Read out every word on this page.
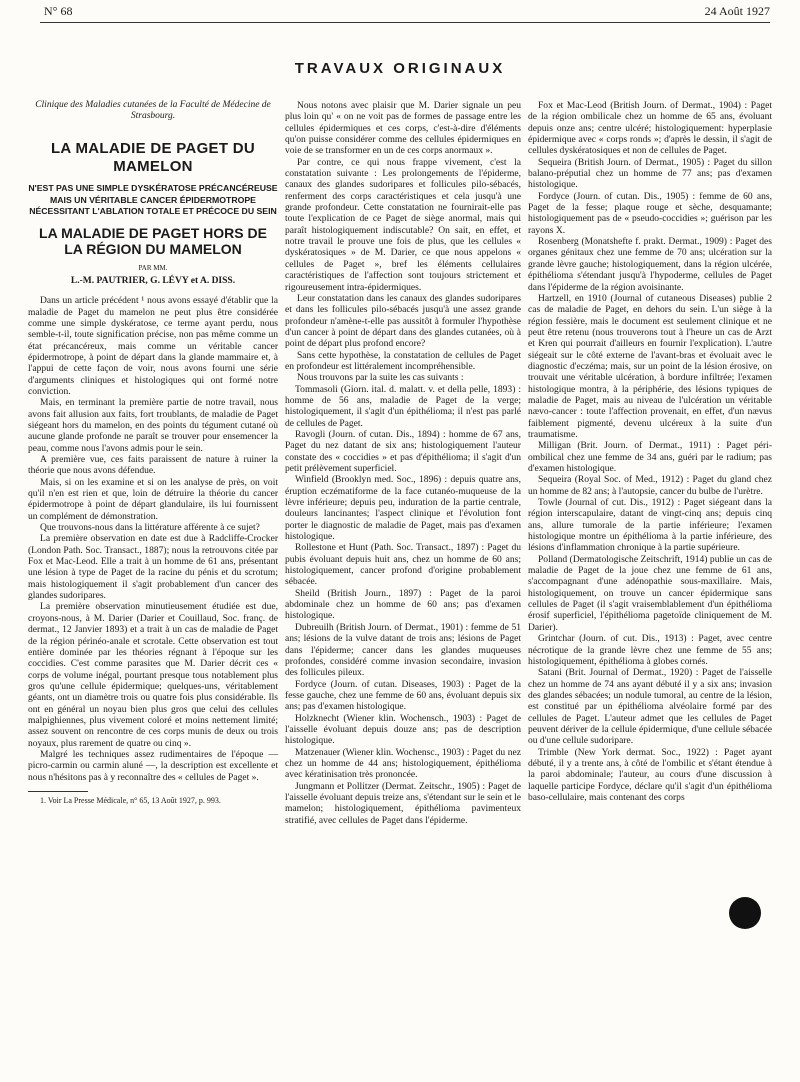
N° 68	24 Août 1927
TRAVAUX ORIGINAUX

Clinique des Maladies cutanées de la Faculté de Médecine de Strasbourg.

LA MALADIE DE PAGET DU MAMELON
N'EST PAS UNE SIMPLE DYSKÉRATOSE PRÉCANCÉREUSE MAIS UN VÉRITABLE CANCER ÉPIDERMOTROPE NÉCESSITANT L'ABLATION TOTALE ET PRÉCOCE DU SEIN
LA MALADIE DE PAGET HORS DE LA RÉGION DU MAMELON
PAR MM.
L.-M. PAUTRIER, G. LÉVY et A. DISS.

Dans un article précédent ¹ nous avons essayé d'établir que la maladie de Paget du mamelon ne peut plus être considérée comme une simple dyskératose, ce terme ayant perdu, nous semble-t-il, toute signification précise, non pas même comme un état précancéreux, mais comme un véritable cancer épidermotrope, à point de départ dans la glande mammaire et, à l'appui de cette façon de voir, nous avons fourni une série d'arguments cliniques et histologiques qui ont formé notre conviction.

Mais, en terminant la première partie de notre travail, nous avons fait allusion aux faits, fort troublants, de maladie de Paget siégeant hors du mamelon, en des points du tégument cutané où aucune glande profonde ne paraît se trouver pour ensemencer la peau, comme nous l'avons admis pour le sein.

A première vue, ces faits paraissent de nature à ruiner la théorie que nous avons défendue.

Mais, si on les examine et si on les analyse de près, on voit qu'il n'en est rien et que, loin de détruire la théorie du cancer épidermotrope à point de départ glandulaire, ils lui fournissent un complément de démonstration.

Que trouvons-nous dans la littérature afférente à ce sujet?

La première observation en date est due à Radcliffe-Crocker (London Path. Soc. Transact., 1887); nous la retrouvons citée par Fox et Mac-Leod. Elle a trait à un homme de 61 ans, présentant une lésion à type de Paget de la racine du pénis et du scrotum; mais histologiquement il s'agit probablement d'un cancer des glandes sudoripares.

La première observation minutieusement étudiée est due, croyons-nous, à M. Darier (Darier et Couillaud, Soc. franç. de dermat., 12 Janvier 1893) et a trait à un cas de maladie de Paget de la région périnéo-anale et scrotale. Cette observation est tout entière dominée par les théories régnant à l'époque sur les coccidies. C'est comme parasites que M. Darier décrit ces « corps de volume inégal, pourtant presque tous notablement plus gros qu'une cellule épidermique; quelques-uns, véritablement géants, ont un diamètre trois ou quatre fois plus considérable. Ils ont en général un noyau bien plus gros que celui des cellules malpighiennes, plus vivement coloré et moins nettement limité; assez souvent on rencontre de ces corps munis de deux ou trois noyaux, plus rarement de quatre ou cinq ».

Malgré les techniques assez rudimentaires de l'époque — picro-carmin ou carmin aluné —, la description est excellente et nous n'hésitons pas à y reconnaître des « cellules de Paget ».

1. Voir La Presse Médicale, n° 65, 13 Août 1927, p. 993.

Nous notons avec plaisir que M. Darier signale un peu plus loin qu' « on ne voit pas de formes de passage entre les cellules épidermiques et ces corps, c'est-à-dire d'éléments qu'on puisse considérer comme des cellules épidermiques en voie de se transformer en un de ces corps anormaux ».

Par contre, ce qui nous frappe vivement, c'est la constatation suivante : Les prolongements de l'épiderme, canaux des glandes sudoripares et follicules pilo-sébacés, renferment des corps caractéristiques et cela jusqu'à une grande profondeur. Cette constatation ne fournirait-elle pas toute l'explication de ce Paget de siège anormal, mais qui paraît histologiquement indiscutable? On sait, en effet, et notre travail le prouve une fois de plus, que les cellules « dyskératosiques » de M. Darier, ce que nous appelons « cellules de Paget », bref les éléments cellulaires caractéristiques de l'affection sont toujours strictement et rigoureusement intra-épidermiques.

Leur constatation dans les canaux des glandes sudoripares et dans les follicules pilo-sébacés jusqu'à une assez grande profondeur n'amène-t-elle pas aussitôt à formuler l'hypothèse d'un cancer à point de départ dans des glandes cutanées, où à point de départ plus profond encore?

Sans cette hypothèse, la constatation de cellules de Paget en profondeur est littéralement incompréhensible.

Nous trouvons par la suite les cas suivants :

Tommasoli (Giorn. ital. d. malatt. v. et della pelle, 1893) : homme de 56 ans, maladie de Paget de la verge; histologiquement, il s'agit d'un épithélioma; il n'est pas parlé de cellules de Paget.

Ravogli (Journ. of cutan. Dis., 1894) : homme de 67 ans, Paget du nez datant de six ans; histologiquement l'auteur constate des « coccidies » et pas d'épithélioma; il s'agit d'un petit prélèvement superficiel.

Winfield (Brooklyn med. Soc., 1896) : depuis quatre ans, éruption eczématiforme de la face cutanéo-muqueuse de la lèvre inférieure; depuis peu, induration de la partie centrale, douleurs lancinantes; l'aspect clinique et l'évolution font porter le diagnostic de maladie de Paget, mais pas d'examen histologique.

Rollestone et Hunt (Path. Soc. Transact., 1897) : Paget du pubis évoluant depuis huit ans, chez un homme de 60 ans; histologiquement, cancer profond d'origine probablement sébacée.

Sheild (British Journ., 1897) : Paget de la paroi abdominale chez un homme de 60 ans; pas d'examen histologique.

Dubreuilh (British Journ. of Dermat., 1901) : femme de 51 ans; lésions de la vulve datant de trois ans; lésions de Paget dans l'épiderme; cancer dans les glandes muqueuses profondes, considéré comme invasion secondaire, invasion des follicules pileux.

Fordyce (Journ. of cutan. Diseases, 1903) : Paget de la fesse gauche, chez une femme de 60 ans, évoluant depuis six ans; pas d'examen histologique.

Holzknecht (Wiener klin. Wochensch., 1903) : Paget de l'aisselle évoluant depuis douze ans; pas de description histologique.

Matzenauer (Wiener klin. Wochensc., 1903) : Paget du nez chez un homme de 44 ans; histologiquement, épithélioma avec kératinisation très prononcée.

Jungmann et Pollitzer (Dermat. Zeitschr., 1905) : Paget de l'aisselle évoluant depuis treize ans, s'étendant sur le sein et le mamelon; histologiquement, épithélioma pavimenteux stratifié, avec cellules de Paget dans l'épiderme.

Fox et Mac-Leod (British Journ. of Dermat., 1904) : Paget de la région ombilicale chez un homme de 65 ans, évoluant depuis onze ans; centre ulcéré; histologiquement: hyperplasie épidermique avec « corps ronds »; d'après le dessin, il s'agit de cellules dyskératosiques et non de cellules de Paget.

Sequeira (British Journ. of Dermat., 1905) : Paget du sillon balano-préputial chez un homme de 77 ans; pas d'examen histologique.

Fordyce (Journ. of cutan. Dis., 1905) : femme de 60 ans, Paget de la fesse; plaque rouge et sèche, desquamante; histologiquement pas de « pseudo-coccidies »; guérison par les rayons X.

Rosenberg (Monatshefte f. prakt. Dermat., 1909) : Paget des organes génitaux chez une femme de 70 ans; ulcération sur la grande lèvre gauche; histologiquement, dans la région ulcérée, épithélioma s'étendant jusqu'à l'hypoderme, cellules de Paget dans l'épiderme de la région avoisinante.

Hartzell, en 1910 (Journal of cutaneous Diseases) publie 2 cas de maladie de Paget, en dehors du sein. L'un siège à la région fessière, mais le document est seulement clinique et ne peut être retenu (nous trouverons tout à l'heure un cas de Arzt et Kren qui pourrait d'ailleurs en fournir l'explication). L'autre siégeait sur le côté externe de l'avant-bras et évoluait avec le diagnostic d'eczéma; mais, sur un point de la lésion érosive, on trouvait une véritable ulcération, à bordure infiltrée; l'examen histologique montra, à la périphérie, des lésions typiques de maladie de Paget, mais au niveau de l'ulcération un véritable nævo-cancer : toute l'affection provenait, en effet, d'un nævus faiblement pigmenté, devenu ulcéreux à la suite d'un traumatisme.

Milligan (Brit. Journ. of Dermat., 1911) : Paget péri-ombilical chez une femme de 34 ans, guéri par le radium; pas d'examen histologique.

Sequeira (Royal Soc. of Med., 1912) : Paget du gland chez un homme de 82 ans; à l'autopsie, cancer du bulbe de l'urètre.

Towle (Journal of cut. Dis., 1912) : Paget siégeant dans la région interscapulaire, datant de vingt-cinq ans; depuis cinq ans, allure tumorale de la partie inférieure; l'examen histologique montre un épithélioma à la partie inférieure, des lésions d'inflammation chronique à la partie supérieure.

Polland (Dermatologische Zeitschrift, 1914) publie un cas de maladie de Paget de la joue chez une femme de 61 ans, s'accompagnant d'une adénopathie sous-maxillaire. Mais, histologiquement, on trouve un cancer épidermique sans cellules de Paget (il s'agit vraisemblablement d'un épithélioma érosif superficiel, l'épithélioma pagetoïde cliniquement de M. Darier).

Grintchar (Journ. of cut. Dis., 1913) : Paget, avec centre nécrotique de la grande lèvre chez une femme de 55 ans; histologiquement, épithélioma à globes cornés.

Satani (Brit. Journal of Dermat., 1920) : Paget de l'aisselle chez un homme de 74 ans ayant débuté il y a six ans; invasion des glandes sébacées; un nodule tumoral, au centre de la lésion, est constitué par un épithélioma alvéolaire formé par des cellules de Paget. L'auteur admet que les cellules de Paget peuvent dériver de la cellule épidermique, d'une cellule sébacée ou d'une cellule sudoripare.

Trimble (New York dermat. Soc., 1922) : Paget ayant débuté, il y a trente ans, à côté de l'ombilic et s'étant étendue à la paroi abdominale; l'auteur, au cours d'une discussion à laquelle participe Fordyce, déclare qu'il s'agit d'un épithélioma baso-cellulaire, mais contenant des corps
